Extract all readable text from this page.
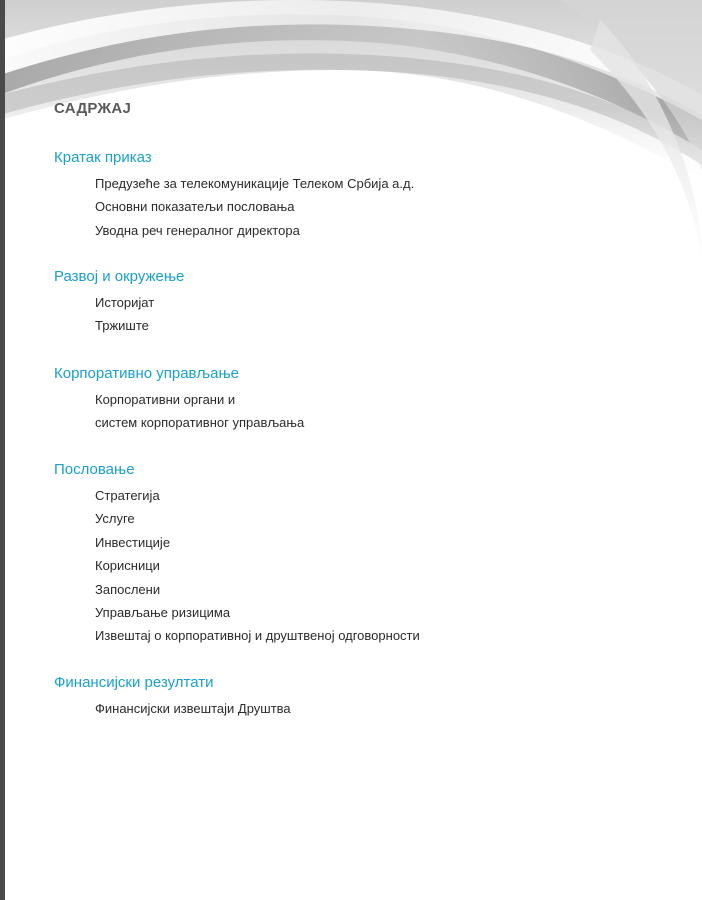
САДРЖАЈ
Кратак приказ
Предузеће за телекомуникације Телеком Србија а.д.
Основни показатељи пословања
Уводна реч генералног директора
Развој и окружење
Историјат
Тржиште
Корпоративно управљање
Корпоративни органи и
систем корпоративног управљања
Пословање
Стратегија
Услуге
Инвестиције
Корисници
Запослени
Управљање ризицима
Извештај о корпоративној и друштвеној одговорности
Финансијски резултати
Финансијски извештаји Друштва
